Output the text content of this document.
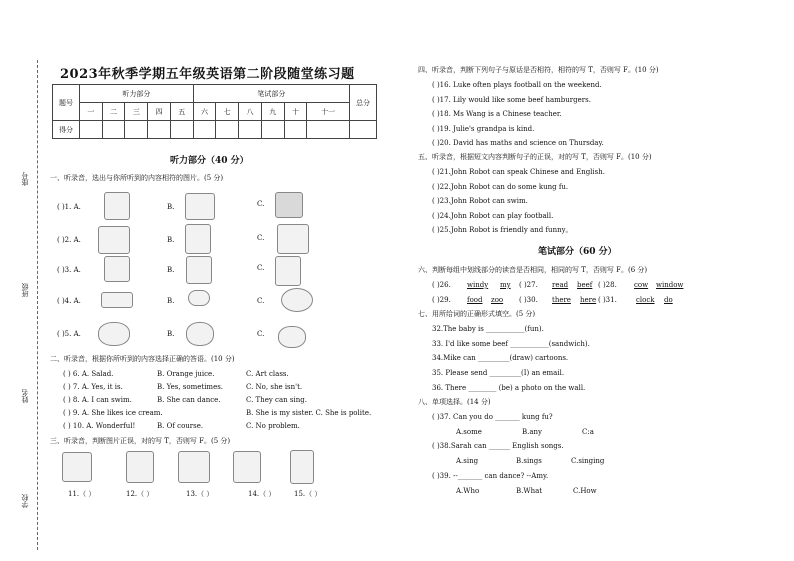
座号
班级
姓名
学校
2023年秋季学期五年级英语第二阶段随堂练习题
题号	听力部分					笔试部分						总分
	一	二	三	四	五	六	七	八	九	十	十一	
得分												
听力部分（40 分）
一、听录音，选出与你所听到的内容相符的图片。(5 分)
( )1. A.	B.	C.
( )2. A.	B.	C.
( )3. A.	B.	C.
( )4. A.	B.	C.
( )5. A.	B.	C.
二、听录音，根据你所听到的内容选择正确的答语。(10 分)
( ) 6. A. Salad.	B. Orange juice.	C. Art class.
( ) 7. A. Yes, it is.	B. Yes, sometimes.	C. No, she isn't.
( ) 8. A. I can swim.	B. She can dance.	C. They can sing.
( ) 9. A. She likes ice cream.	B. She is my sister. C. She is polite.
( ) 10. A. Wonderful!	B. Of course.	C. No problem.
三、听录音，判断图片正误，对的写 T，否则写 F。(5 分)
11.（ ）	12.（ ）	13.（ ）	14.（ ）	15.（ ）
四、听录音，判断下列句子与原话是否相符，相符的写 T，否则写 F。(10 分)
( )16. Luke often plays football on the weekend.
( )17. Lily would like some beef hamburgers.
( )18. Ms Wang is a Chinese teacher.
( )19. Julie's grandpa is kind.
( )20. David has maths and science on Thursday.
五、听录音，根据短文内容判断句子的正误，对的写 T，否则写 F。(10 分)
( )21.John Robot can speak Chinese and English.
( )22.John Robot can do some kung fu.
( )23.John Robot can swim.
( )24.John Robot can play football.
( )25.John Robot is friendly and funny。
笔试部分（60 分）
六、判断每组中划线部分的读音是否相同，相同的写 T，否则写 F。(6 分)
( )26. windy my ( )27. read beef ( )28. cow window
( )29. food zoo ( )30. there here ( )31.	clock do
七、用所给词的正确形式填空。(5 分)
32.The baby is ___________(fun).
33. I'd like some beef ___________(sandwich).
34.Mike can _________(draw) cartoons.
35. Please send _________(I) an email.
36. There ________ (be) a photo on the wall.
八、单项选择。(14 分)
( )37. Can you do _______ kung fu?
A.some	B.any	C:a
( )38.Sarah can ______ English songs.
A.sing	B.sings	C.singing
( )39. --_______ can dance? --Amy.
A.Who	B.What	C.How
